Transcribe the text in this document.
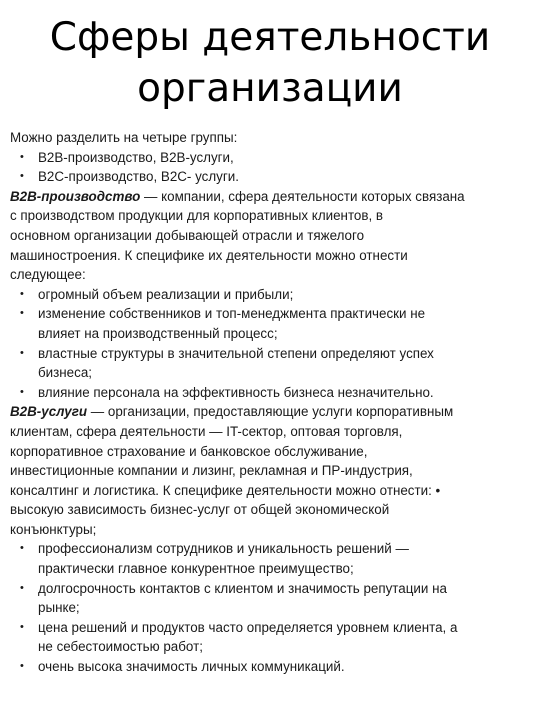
Сферы деятельности
организации
Можно разделить на четыре группы:
• B2B-производство, B2B-услуги,
• B2C-производство, B2C- услуги.
B2B-производство — компании, сфера деятельности которых связана
с производством продукции для корпоративных клиентов, в
основном организации добывающей отрасли и тяжелого
машиностроения. К специфике их деятельности можно отнести
следующее:
• огромный объем реализации и прибыли;
• изменение собственников и топ-менеджмента практически не
влияет на производственный процесс;
• властные структуры в значительной степени определяют успех
бизнеса;
• влияние персонала на эффективность бизнеса незначительно.
B2B-услуги — организации, предоставляющие услуги корпоративным
клиентам, сфера деятельности — IT-сектор, оптовая торговля,
корпоративное страхование и банковское обслуживание,
инвестиционные компании и лизинг, рекламная и ПР-индустрия,
консалтинг и логистика. К специфике деятельности можно отнести: •
высокую зависимость бизнес-услуг от общей экономической
конъюнктуры;
• профессионализм сотрудников и уникальность решений —
практически главное конкурентное преимущество;
• долгосрочность контактов с клиентом и значимость репутации на
рынке;
• цена решений и продуктов часто определяется уровнем клиента, а
не себестоимостью работ;
• очень высока значимость личных коммуникаций.
